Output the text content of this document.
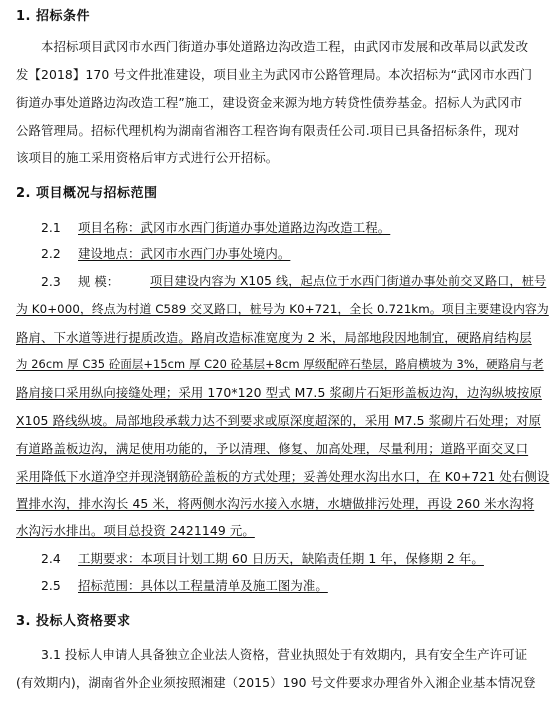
1. 招标条件
本招标项目武冈市水西门街道办事处道路边沟改造工程，由武冈市发展和改革局以武发改
发【2018】170 号文件批准建设，项目业主为武冈市公路管理局。本次招标为“武冈市水西门
街道办事处道路边沟改造工程”施工，建设资金来源为地方转贷性债券基金。招标人为武冈市
公路管理局。招标代理机构为湖南省湘咨工程咨询有限责任公司.项目已具备招标条件，现对
该项目的施工采用资格后审方式进行公开招标。
2. 项目概况与招标范围
2.1 项目名称：武冈市水西门街道办事处道路边沟改造工程。
2.2 建设地点：武冈市水西门办事处境内。
2.3 规 模：	项目建设内容为 X105 线，起点位于水西门街道办事处前交叉路口，桩号
为 K0+000，终点为村道 C589 交叉路口，桩号为 K0+721，全长 0.721km。项目主要建设内容为
路肩、下水道等进行提质改造。路肩改造标准宽度为 2 米，局部地段因地制宜，硬路肩结构层
为 26cm 厚 C35 砼面层+15cm 厚 C20 砼基层+8cm 厚级配碎石垫层，路肩横坡为 3%，硬路肩与老
路肩接口采用纵向接缝处理；采用 170*120 型式 M7.5 浆砌片石矩形盖板边沟，边沟纵坡按原
X105 路线纵坡。局部地段承载力达不到要求或原深度超深的，采用 M7.5 浆砌片石处理；对原
有道路盖板边沟，满足使用功能的，予以清理、修复、加高处理，尽量利用；道路平面交叉口
采用降低下水道净空并现浇钢筋砼盖板的方式处理；妥善处理水沟出水口，在 K0+721 处右侧设
置排水沟，排水沟长 45 米，将两侧水沟污水接入水塘，水塘做排污处理，再设 260 米水沟将
水沟污水排出。项目总投资 2421149 元。
2.4 工期要求：本项目计划工期 60 日历天，缺陷责任期 1 年，保修期 2 年。
2.5 招标范围：具体以工程量清单及施工图为准。
3. 投标人资格要求
3.1 投标人申请人具备独立企业法人资格，营业执照处于有效期内，具有安全生产许可证
(有效期内)，湖南省外企业须按照湘建（2015）190 号文件要求办理省外入湘企业基本情况登
